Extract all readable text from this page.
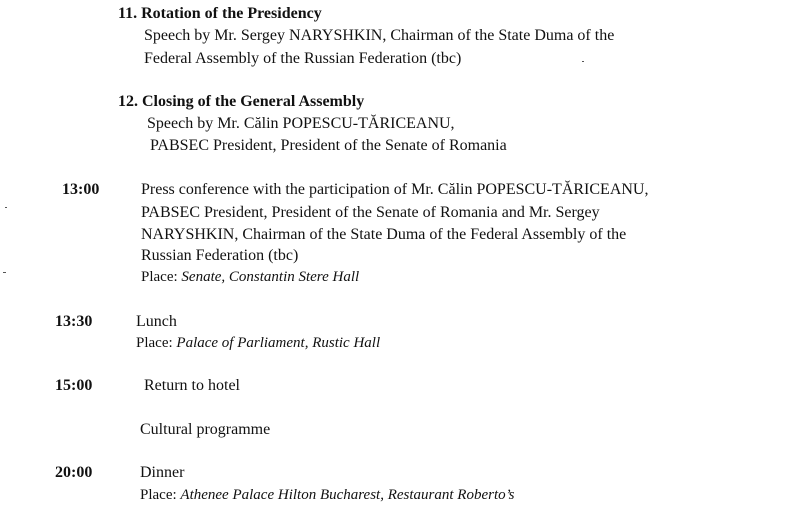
11. Rotation of the Presidency
Speech by Mr. Sergey NARYSHKIN, Chairman of the State Duma of the
Federal Assembly of the Russian Federation (tbc)
12. Closing of the General Assembly
Speech by Mr. Călin POPESCU-TĂRICEANU,
PABSEC President, President of the Senate of Romania
13:00	Press conference with the participation of Mr. Călin POPESCU-TĂRICEANU,
PABSEC President, President of the Senate of Romania and Mr. Sergey
NARYSHKIN, Chairman of the State Duma of the Federal Assembly of the
Russian Federation (tbc)
Place: Senate, Constantin Stere Hall
13:30	Lunch
Place: Palace of Parliament, Rustic Hall
15:00	Return to hotel
Cultural programme
20:00	Dinner
Place: Athenee Palace Hilton Bucharest, Restaurant Roberto’s
